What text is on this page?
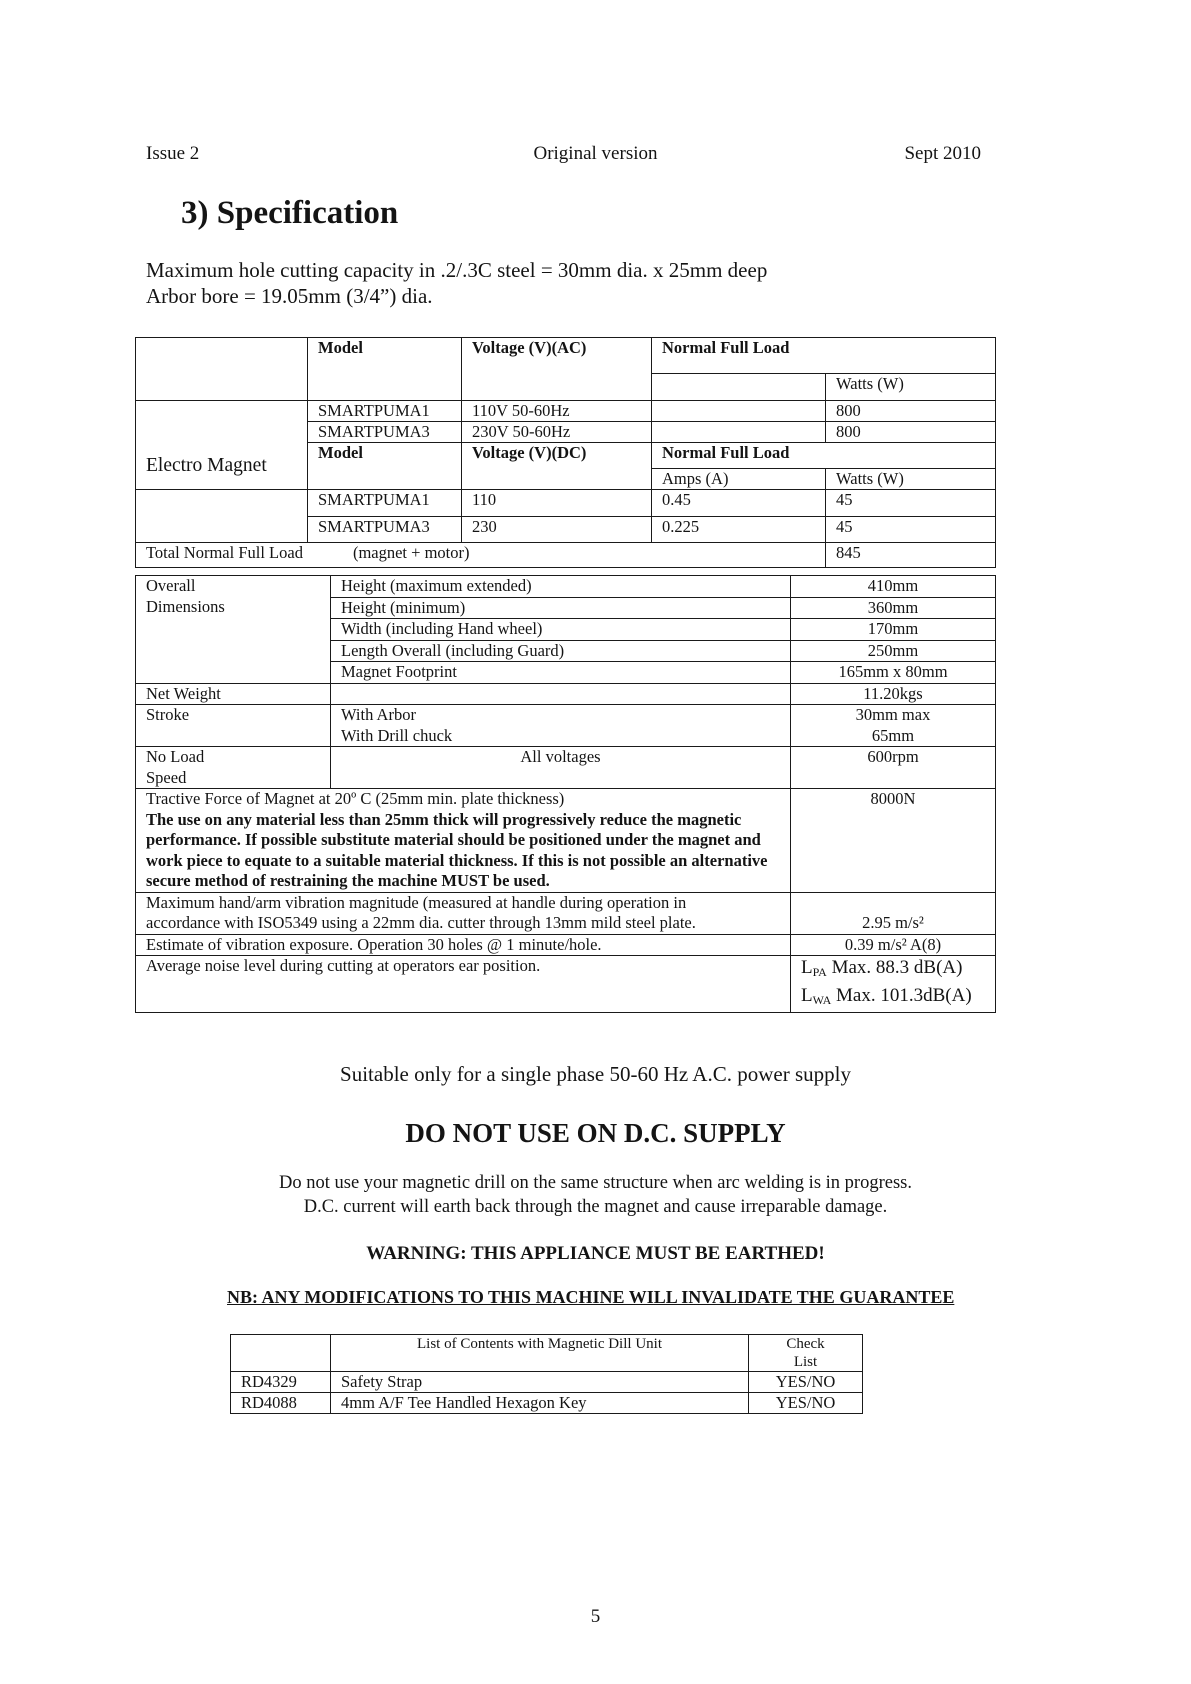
Issue 2	Original version	Sept 2010
3) Specification
Maximum hole cutting capacity in .2/.3C steel = 30mm dia. x 25mm deep
Arbor bore = 19.05mm (3/4”) dia.
	Model	Voltage (V)(AC)	Normal Full Load	
				Watts (W)
	SMARTPUMA1	110V 50-60Hz		800
	SMARTPUMA3	230V 50-60Hz		800
Electro Magnet	Model	Voltage (V)(DC)	Normal Full Load	
			Amps (A)	Watts (W)
	SMARTPUMA1	110	0.45	45
	SMARTPUMA3	230	0.225	45
Total Normal Full Load (magnet + motor)				845
Overall	Height (maximum extended)	410mm
Dimensions	Height (minimum)	360mm
	Width (including Hand wheel)	170mm
	Length Overall (including Guard)	250mm
	Magnet Footprint	165mm x 80mm
Net Weight		11.20kgs
Stroke	With Arbor	30mm max
	With Drill chuck	65mm
No Load
Speed	All voltages	600rpm

Tractive Force of Magnet at 20º C (25mm min. plate thickness)
The use on any material less than 25mm thick will progressively reduce the magnetic performance. If possible substitute material should be positioned under the magnet and work piece to equate to a suitable material thickness. If this is not possible an alternative secure method of restraining the machine MUST be used.		8000N

Maximum hand/arm vibration magnitude (measured at handle during operation in
accordance with ISO5349 using a 22mm dia. cutter through 13mm mild steel plate.		2.95 m/s²
Estimate of vibration exposure. Operation 30 holes @ 1 minute/hole.		0.39 m/s² A(8)
Average noise level during cutting at operators ear position.		$L_{PA}$ Max. 88.3 dB(A)
$L_{WA}$ Max. 101.3dB(A)
Suitable only for a single phase 50-60 Hz A.C. power supply
DO NOT USE ON D.C. SUPPLY
Do not use your magnetic drill on the same structure when arc welding is in progress.
D.C. current will earth back through the magnet and cause irreparable damage.
WARNING: THIS APPLIANCE MUST BE EARTHED!
NB: ANY MODIFICATIONS TO THIS MACHINE WILL INVALIDATE THE GUARANTEE
	List of Contents with Magnetic Dill Unit	Check
List
RD4329	Safety Strap	YES/NO
RD4088	4mm A/F Tee Handled Hexagon Key	YES/NO
5
